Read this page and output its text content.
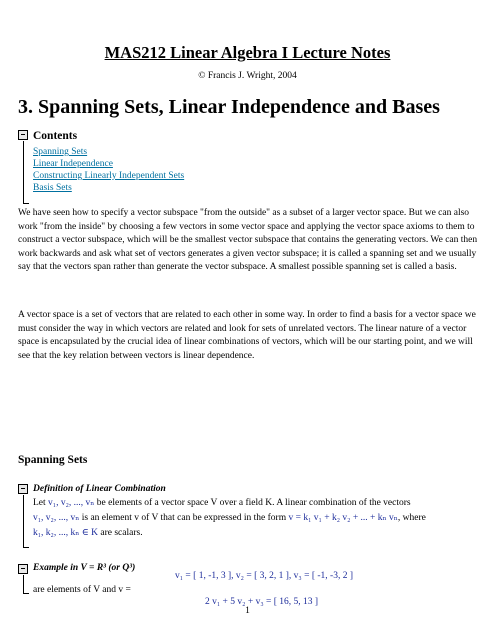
MAS212 Linear Algebra I Lecture Notes
© Francis J. Wright, 2004
3. Spanning Sets, Linear Independence and Bases
Contents
Spanning Sets
Linear Independence
Constructing Linearly Independent Sets
Basis Sets
We have seen how to specify a vector subspace "from the outside" as a subset of a larger vector space. But we can also work "from the inside" by choosing a few vectors in some vector space and applying the vector space axioms to them to construct a vector subspace, which will be the smallest vector subspace that contains the generating vectors. We can then work backwards and ask what set of vectors generates a given vector subspace; it is called a spanning set and we usually say that the vectors span rather than generate the vector subspace. A smallest possible spanning set is called a basis.
A vector space is a set of vectors that are related to each other in some way. In order to find a basis for a vector space we must consider the way in which vectors are related and look for sets of unrelated vectors. The linear nature of a vector space is encapsulated by the crucial idea of linear combinations of vectors, which will be our starting point, and we will see that the key relation between vectors is linear dependence.
Spanning Sets
Definition of Linear Combination
Let v₁, v₂, ..., vₙ be elements of a vector space V over a field K. A linear combination of the vectors
v₁, v₂, ..., vₙ is an element v of V that can be expressed in the form v = k₁ v₁ + k₂ v₂ + ... + kₙ vₙ, where
k₁, k₂, ..., kₙ ∈ K are scalars.
Example in V = R³ (or Q³)
v₁ = [ 1, -1, 3 ], v₂ = [ 3, 2, 1 ], v₃ = [ -1, -3, 2 ]
are elements of V and v =
2 v₁ + 5 v₂ + v₃ = [ 16, 5, 13 ]
1
